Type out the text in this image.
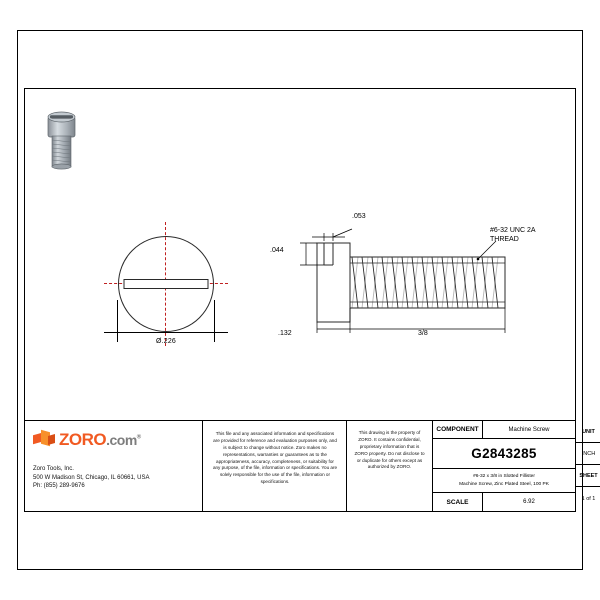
Ø.226
.053
.044
.132	3/8
#6-32 UNC 2A
THREAD
ZORO.com®
Zoro Tools, Inc.
500 W Madison St, Chicago, IL 60661, USA
Ph: (855) 289-9676
This file and any associated information and specifications are provided for reference and evaluation purposes only, and is subject to change without notice. Zoro makes no representations, warranties or guarantees as to the appropriateness, accuracy, completeness, or suitability for any purpose, of the file, information or specifications. You are solely responsible for the use of the file, information or specifications.
This drawing is the property of ZORO. It contains confidential, proprietary information that is ZORO property. Do not disclose to or duplicate for others except as authorized by ZORO.
COMPONENT	Machine Screw
G2843285
#6-32 x 3/8 in Slotted Fillister
Machine Screw, Zinc Plated Steel, 100 PK
SCALE	6.92
UNIT
INCH
SHEET
1 of 1
